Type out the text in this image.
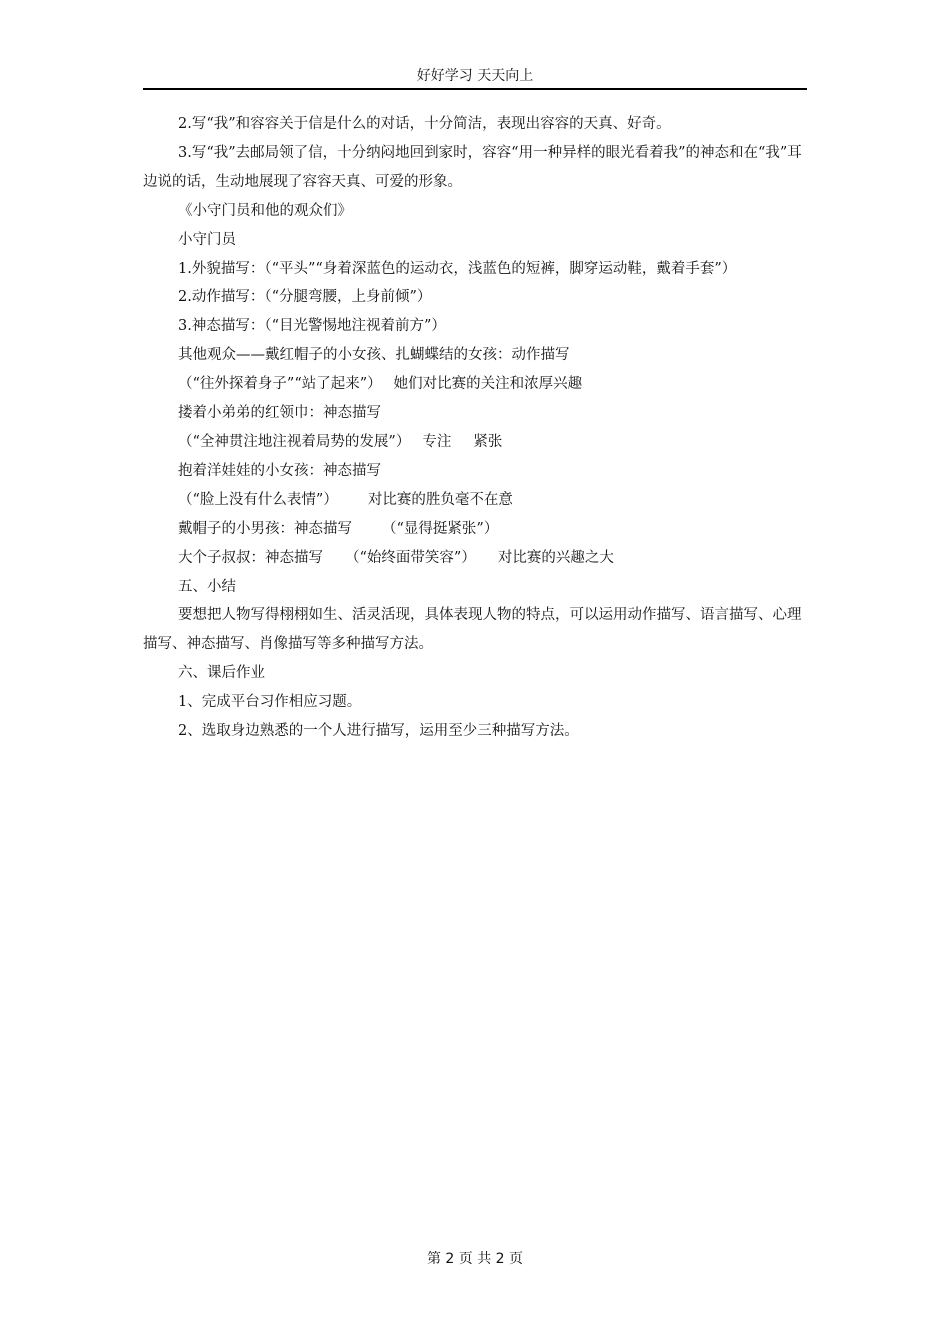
好好学习 天天向上

2.写“我”和容容关于信是什么的对话，十分简洁，表现出容容的天真、好奇。

3.写“我”去邮局领了信，十分纳闷地回到家时，容容“用一种异样的眼光看着我”的神态和在“我”耳边说的话，生动地展现了容容天真、可爱的形象。

《小守门员和他的观众们》

小守门员

1.外貌描写：（“平头”“身着深蓝色的运动衣，浅蓝色的短裤，脚穿运动鞋，戴着手套”）

2.动作描写：（“分腿弯腰，上身前倾”）

3.神态描写：（“目光警惕地注视着前方”）

其他观众——戴红帽子的小女孩、扎蝴蝶结的女孩：动作描写

（“往外探着身子”“站了起来”） 她们对比赛的关注和浓厚兴趣

搂着小弟弟的红领巾：神态描写

（“全神贯注地注视着局势的发展”） 专注 紧张

抱着洋娃娃的小女孩：神态描写

（“脸上没有什么表情”） 对比赛的胜负毫不在意

戴帽子的小男孩：神态描写 （“显得挺紧张”）

大个子叔叔：神态描写 （“始终面带笑容”） 对比赛的兴趣之大

五、小结

要想把人物写得栩栩如生、活灵活现，具体表现人物的特点，可以运用动作描写、语言描写、心理描写、神态描写、肖像描写等多种描写方法。

六、课后作业

1、完成平台习作相应习题。

2、选取身边熟悉的一个人进行描写，运用至少三种描写方法。

第 2 页 共 2 页
